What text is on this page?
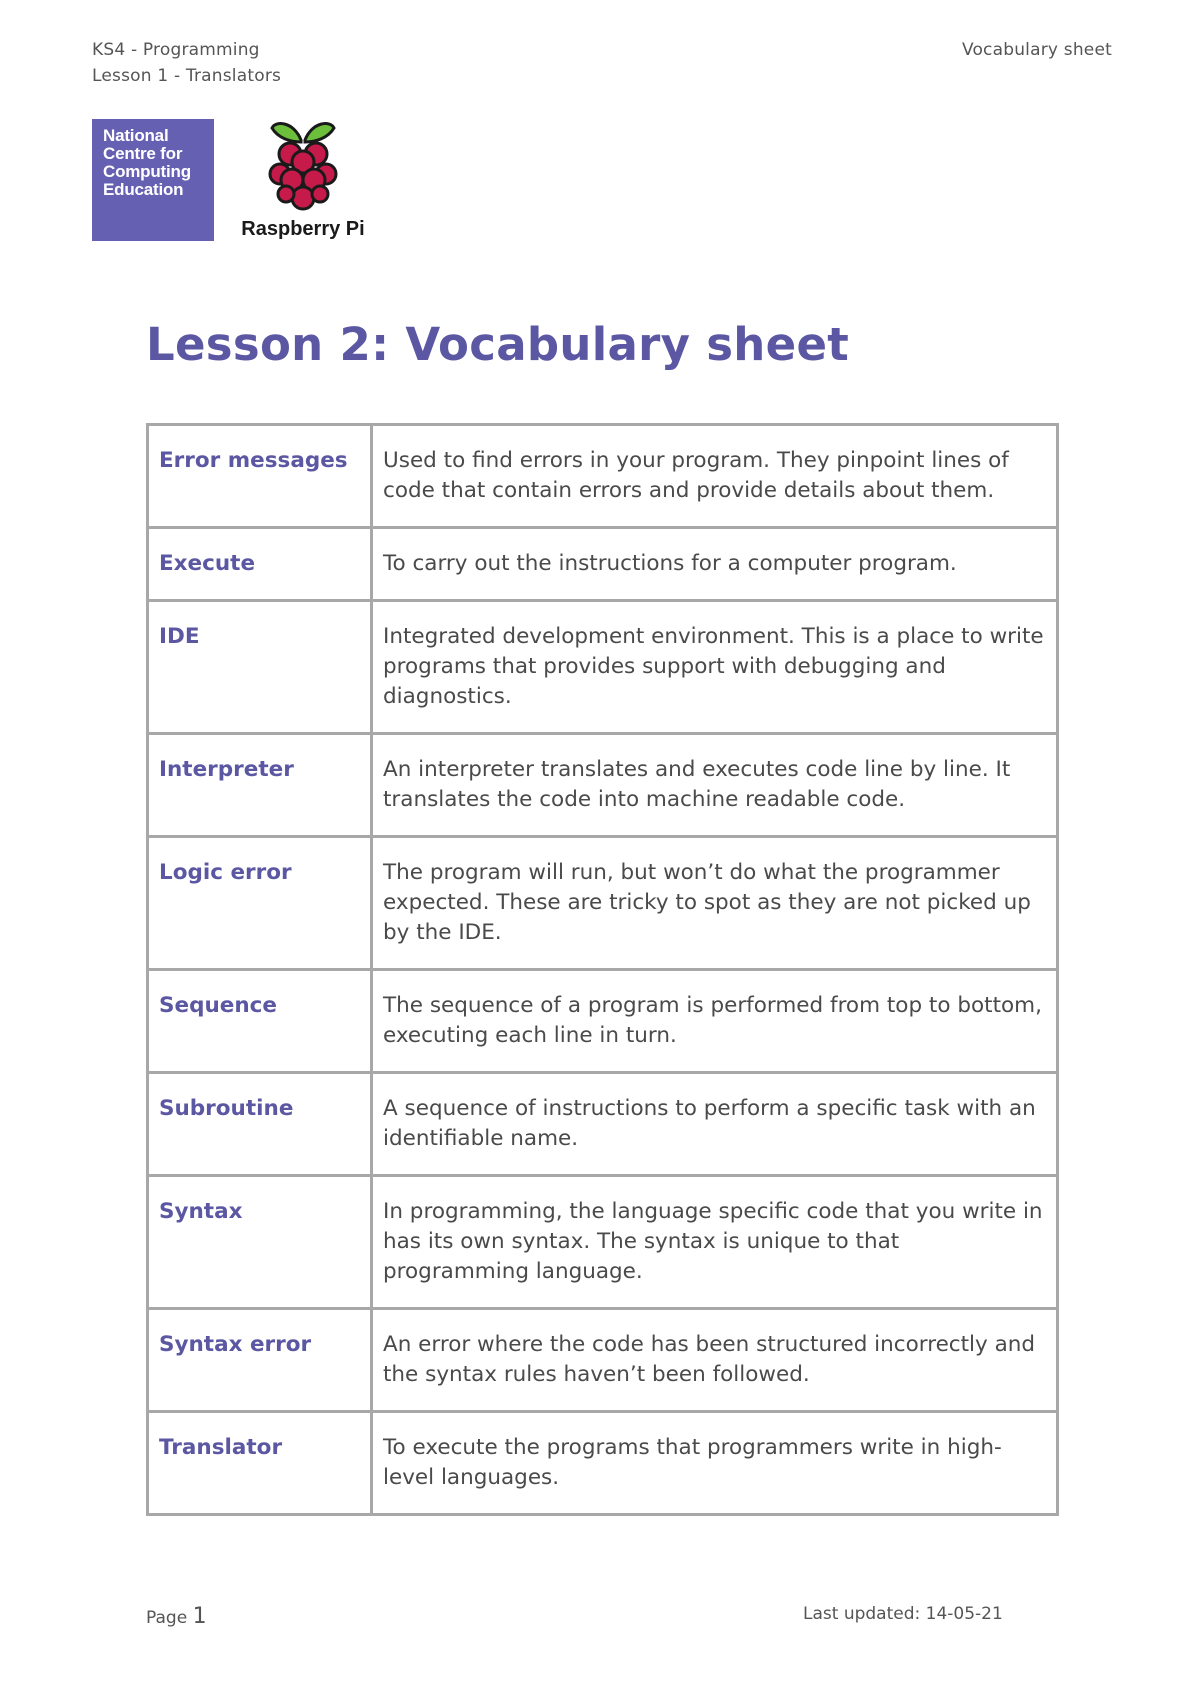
KS4 - Programming
Lesson 1 - Translators
Vocabulary sheet
National
Centre for
Computing
Education
Raspberry Pi
Lesson 2: Vocabulary sheet
Error messages	Used to find errors in your program. They pinpoint lines of code that contain errors and provide details about them.
Execute	To carry out the instructions for a computer program.
IDE	Integrated development environment. This is a place to write programs that provides support with debugging and diagnostics.
Interpreter	An interpreter translates and executes code line by line. It translates the code into machine readable code.
Logic error	The program will run, but won’t do what the programmer expected. These are tricky to spot as they are not picked up by the IDE.
Sequence	The sequence of a program is performed from top to bottom, executing each line in turn.
Subroutine	A sequence of instructions to perform a specific task with an identifiable name.
Syntax	In programming, the language specific code that you write in has its own syntax. The syntax is unique to that programming language.
Syntax error	An error where the code has been structured incorrectly and the syntax rules haven’t been followed.
Translator	To execute the programs that programmers write in high-level languages.
Page 1	Last updated: 14-05-21
